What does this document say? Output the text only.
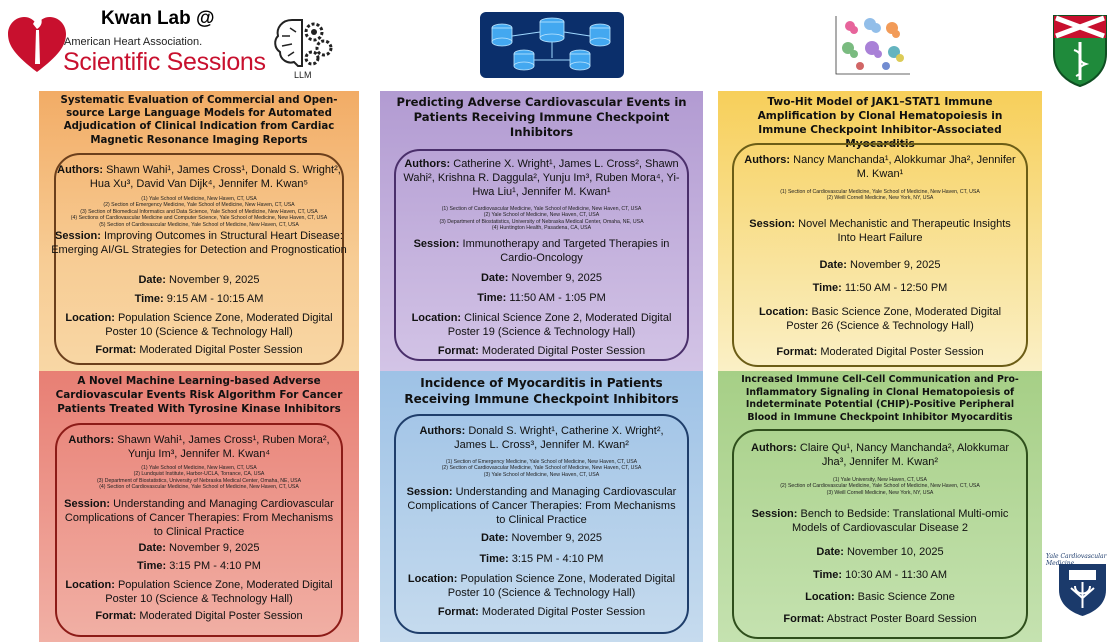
Kwan Lab @
American Heart Association.
Scientific Sessions	LLM
Systematic Evaluation of Commercial and Open-source Large Language Models for Automated Adjudication of Clinical Indication from Cardiac Magnetic Resonance Imaging Reports
Authors: Shawn Wahi¹, James Cross¹, Donald S. Wright², Hua Xu³, David Van Dijk⁴, Jennifer M. Kwan⁵
(1) Yale School of Medicine, New Haven, CT, USA
(2) Section of Emergency Medicine, Yale School of Medicine, New Haven, CT, USA
(3) Section of Biomedical Informatics and Data Science, Yale School of Medicine, New Haven, CT, USA
(4) Sections of Cardiovascular Medicine and Computer Science, Yale School of Medicine, New Haven, CT, USA
(5) Section of Cardiovascular Medicine, Yale School of Medicine, New Haven, CT, USA
Session: Improving Outcomes in Structural Heart Disease: Emerging AI/GL Strategies for Detection and Prognostication
Date: November 9, 2025
Time: 9:15 AM - 10:15 AM
Location: Population Science Zone, Moderated Digital Poster 10 (Science & Technology Hall)
Format: Moderated Digital Poster Session
Predicting Adverse Cardiovascular Events in Patients Receiving Immune Checkpoint Inhibitors
Authors: Catherine X. Wright¹, James L. Cross², Shawn Wahi², Krishna R. Daggula², Yunju Im³, Ruben Mora⁴, Yi-Hwa Liu¹, Jennifer M. Kwan¹
(1) Section of Cardiovascular Medicine, Yale School of Medicine, New Haven, CT, USA
(2) Yale School of Medicine, New Haven, CT, USA
(3) Department of Biostatistics, University of Nebraska Medical Center, Omaha, NE, USA
(4) Huntington Health, Pasadena, CA, USA
Session: Immunotherapy and Targeted Therapies in Cardio-Oncology
Date: November 9, 2025
Time: 11:50 AM - 1:05 PM
Location: Clinical Science Zone 2, Moderated Digital Poster 19 (Science & Technology Hall)
Format: Moderated Digital Poster Session
Two-Hit Model of JAK1–STAT1 Immune Amplification by Clonal Hematopoiesis in Immune Checkpoint Inhibitor-Associated Myocarditis
Authors: Nancy Manchanda¹, Alokkumar Jha², Jennifer M. Kwan¹
(1) Section of Cardiovascular Medicine, Yale School of Medicine, New Haven, CT, USA
(2) Weill Cornell Medicine, New York, NY, USA
Session: Novel Mechanistic and Therapeutic Insights Into Heart Failure
Date: November 9, 2025
Time: 11:50 AM - 12:50 PM
Location: Basic Science Zone, Moderated Digital Poster 26 (Science & Technology Hall)
Format: Moderated Digital Poster Session
A Novel Machine Learning-based Adverse Cardiovascular Events Risk Algorithm For Cancer Patients Treated With Tyrosine Kinase Inhibitors
Authors: Shawn Wahi¹, James Cross¹, Ruben Mora², Yunju Im³, Jennifer M. Kwan⁴
(1) Yale School of Medicine, New Haven, CT, USA
(2) Lundquist Institute, Harbor-UCLA, Torrance, CA, USA
(3) Department of Biostatistics, University of Nebraska Medical Center, Omaha, NE, USA
(4) Section of Cardiovascular Medicine, Yale School of Medicine, New Haven, CT, USA
Session: Understanding and Managing Cardiovascular Complications of Cancer Therapies: From Mechanisms to Clinical Practice
Date: November 9, 2025
Time: 3:15 PM - 4:10 PM
Location: Population Science Zone, Moderated Digital Poster 10 (Science & Technology Hall)
Format: Moderated Digital Poster Session
Incidence of Myocarditis in Patients Receiving Immune Checkpoint Inhibitors
Authors: Donald S. Wright¹, Catherine X. Wright², James L. Cross³, Jennifer M. Kwan²
(1) Section of Emergency Medicine, Yale School of Medicine, New Haven, CT, USA
(2) Section of Cardiovascular Medicine, Yale School of Medicine, New Haven, CT, USA
(3) Yale School of Medicine, New Haven, CT, USA
Session: Understanding and Managing Cardiovascular Complications of Cancer Therapies: From Mechanisms to Clinical Practice
Date: November 9, 2025
Time: 3:15 PM - 4:10 PM
Location: Population Science Zone, Moderated Digital Poster 10 (Science & Technology Hall)
Format: Moderated Digital Poster Session
Increased Immune Cell-Cell Communication and Pro-Inflammatory Signaling in Clonal Hematopoiesis of Indeterminate Potential (CHIP)-Positive Peripheral Blood in Immune Checkpoint Inhibitor Myocarditis
Authors: Claire Qu¹, Nancy Manchanda², Alokkumar Jha³, Jennifer M. Kwan²
(1) Yale University, New Haven, CT, USA
(2) Section of Cardiovascular Medicine, Yale School of Medicine, New Haven, CT, USA
(3) Weill Cornell Medicine, New York, NY, USA
Session: Bench to Bedside: Translational Multi-omic Models of Cardiovascular Disease 2
Date: November 10, 2025
Time: 10:30 AM - 11:30 AM
Location: Basic Science Zone
Format: Abstract Poster Board Session
Yale Cardiovascular Medicine
